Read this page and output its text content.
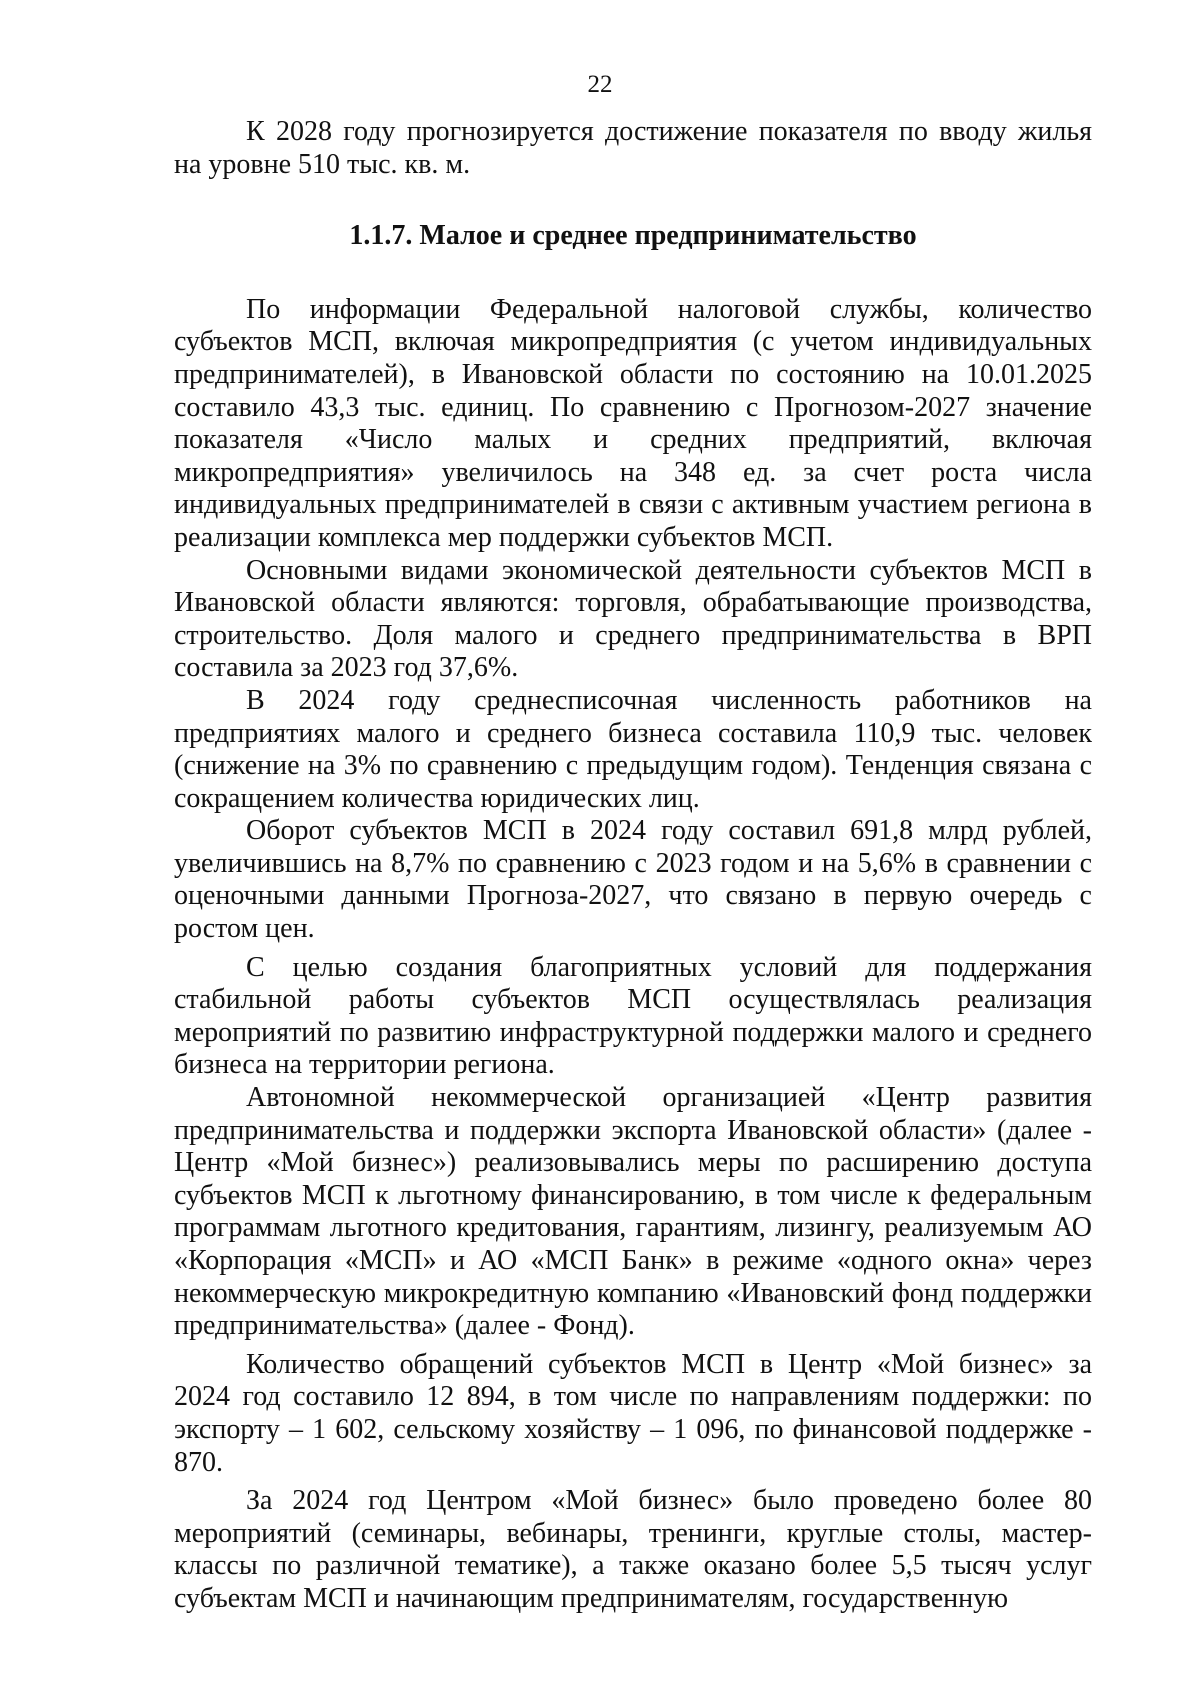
22

К 2028 году прогнозируется достижение показателя по вводу жилья на уровне 510 тыс. кв. м.

1.1.7. Малое и среднее предпринимательство

По информации Федеральной налоговой службы, количество субъектов МСП, включая микропредприятия (с учетом индивидуальных предпринимателей), в Ивановской области по состоянию на 10.01.2025 составило 43,3 тыс. единиц. По сравнению с Прогнозом-2027 значение показателя «Число малых и средних предприятий, включая микропредприятия» увеличилось на 348 ед. за счет роста числа индивидуальных предпринимателей в связи с активным участием региона в реализации комплекса мер поддержки субъектов МСП.

Основными видами экономической деятельности субъектов МСП в Ивановской области являются: торговля, обрабатывающие производства, строительство. Доля малого и среднего предпринимательства в ВРП составила за 2023 год 37,6%.

В 2024 году среднесписочная численность работников на предприятиях малого и среднего бизнеса составила 110,9 тыс. человек (снижение на 3% по сравнению с предыдущим годом). Тенденция связана с сокращением количества юридических лиц.

Оборот субъектов МСП в 2024 году составил 691,8 млрд рублей, увеличившись на 8,7% по сравнению с 2023 годом и на 5,6% в сравнении с оценочными данными Прогноза-2027, что связано в первую очередь с ростом цен.

С целью создания благоприятных условий для поддержания стабильной работы субъектов МСП осуществлялась реализация мероприятий по развитию инфраструктурной поддержки малого и среднего бизнеса на территории региона.

Автономной некоммерческой организацией «Центр развития предпринимательства и поддержки экспорта Ивановской области» (далее - Центр «Мой бизнес») реализовывались меры по расширению доступа субъектов МСП к льготному финансированию, в том числе к федеральным программам льготного кредитования, гарантиям, лизингу, реализуемым АО «Корпорация «МСП» и АО «МСП Банк» в режиме «одного окна» через некоммерческую микрокредитную компанию «Ивановский фонд поддержки предпринимательства» (далее - Фонд).

Количество обращений субъектов МСП в Центр «Мой бизнес» за 2024 год составило 12 894, в том числе по направлениям поддержки: по экспорту – 1 602, сельскому хозяйству – 1 096, по финансовой поддержке - 870.

За 2024 год Центром «Мой бизнес» было проведено более 80 мероприятий (семинары, вебинары, тренинги, круглые столы, мастер-классы по различной тематике), а также оказано более 5,5 тысяч услуг субъектам МСП и начинающим предпринимателям, государственную
